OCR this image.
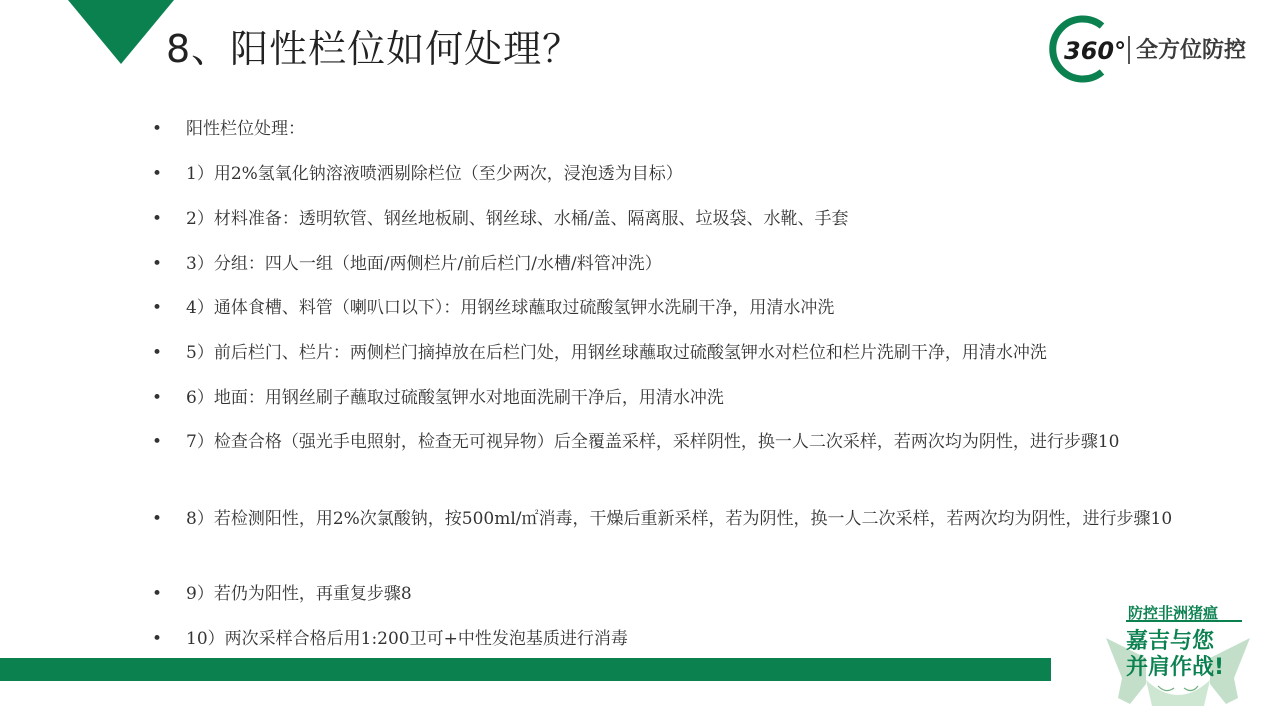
8、阳性栏位如何处理？	360° 全方位防控
• 阳性栏位处理：
• 1）用2%氢氧化钠溶液喷洒剔除栏位（至少两次，浸泡透为目标）
• 2）材料准备：透明软管、钢丝地板刷、钢丝球、水桶/盖、隔离服、垃圾袋、水靴、手套
• 3）分组：四人一组（地面/两侧栏片/前后栏门/水槽/料管冲洗）
• 4）通体食槽、料管（喇叭口以下）：用钢丝球蘸取过硫酸氢钾水洗刷干净，用清水冲洗
• 5）前后栏门、栏片：两侧栏门摘掉放在后栏门处，用钢丝球蘸取过硫酸氢钾水对栏位和栏片洗刷干净，用清水冲洗
• 6）地面：用钢丝刷子蘸取过硫酸氢钾水对地面洗刷干净后，用清水冲洗
• 7）检查合格（强光手电照射，检查无可视异物）后全覆盖采样，采样阴性，换一人二次采样，若两次均为阴性，进行步骤10
• 8）若检测阳性，用2%次氯酸钠，按500ml/㎡消毒，干燥后重新采样，若为阴性，换一人二次采样，若两次均为阴性，进行步骤10
• 9）若仍为阳性，再重复步骤8
• 10）两次采样合格后用1:200卫可+中性发泡基质进行消毒
防控非洲猪瘟
嘉吉与您
并肩作战!
